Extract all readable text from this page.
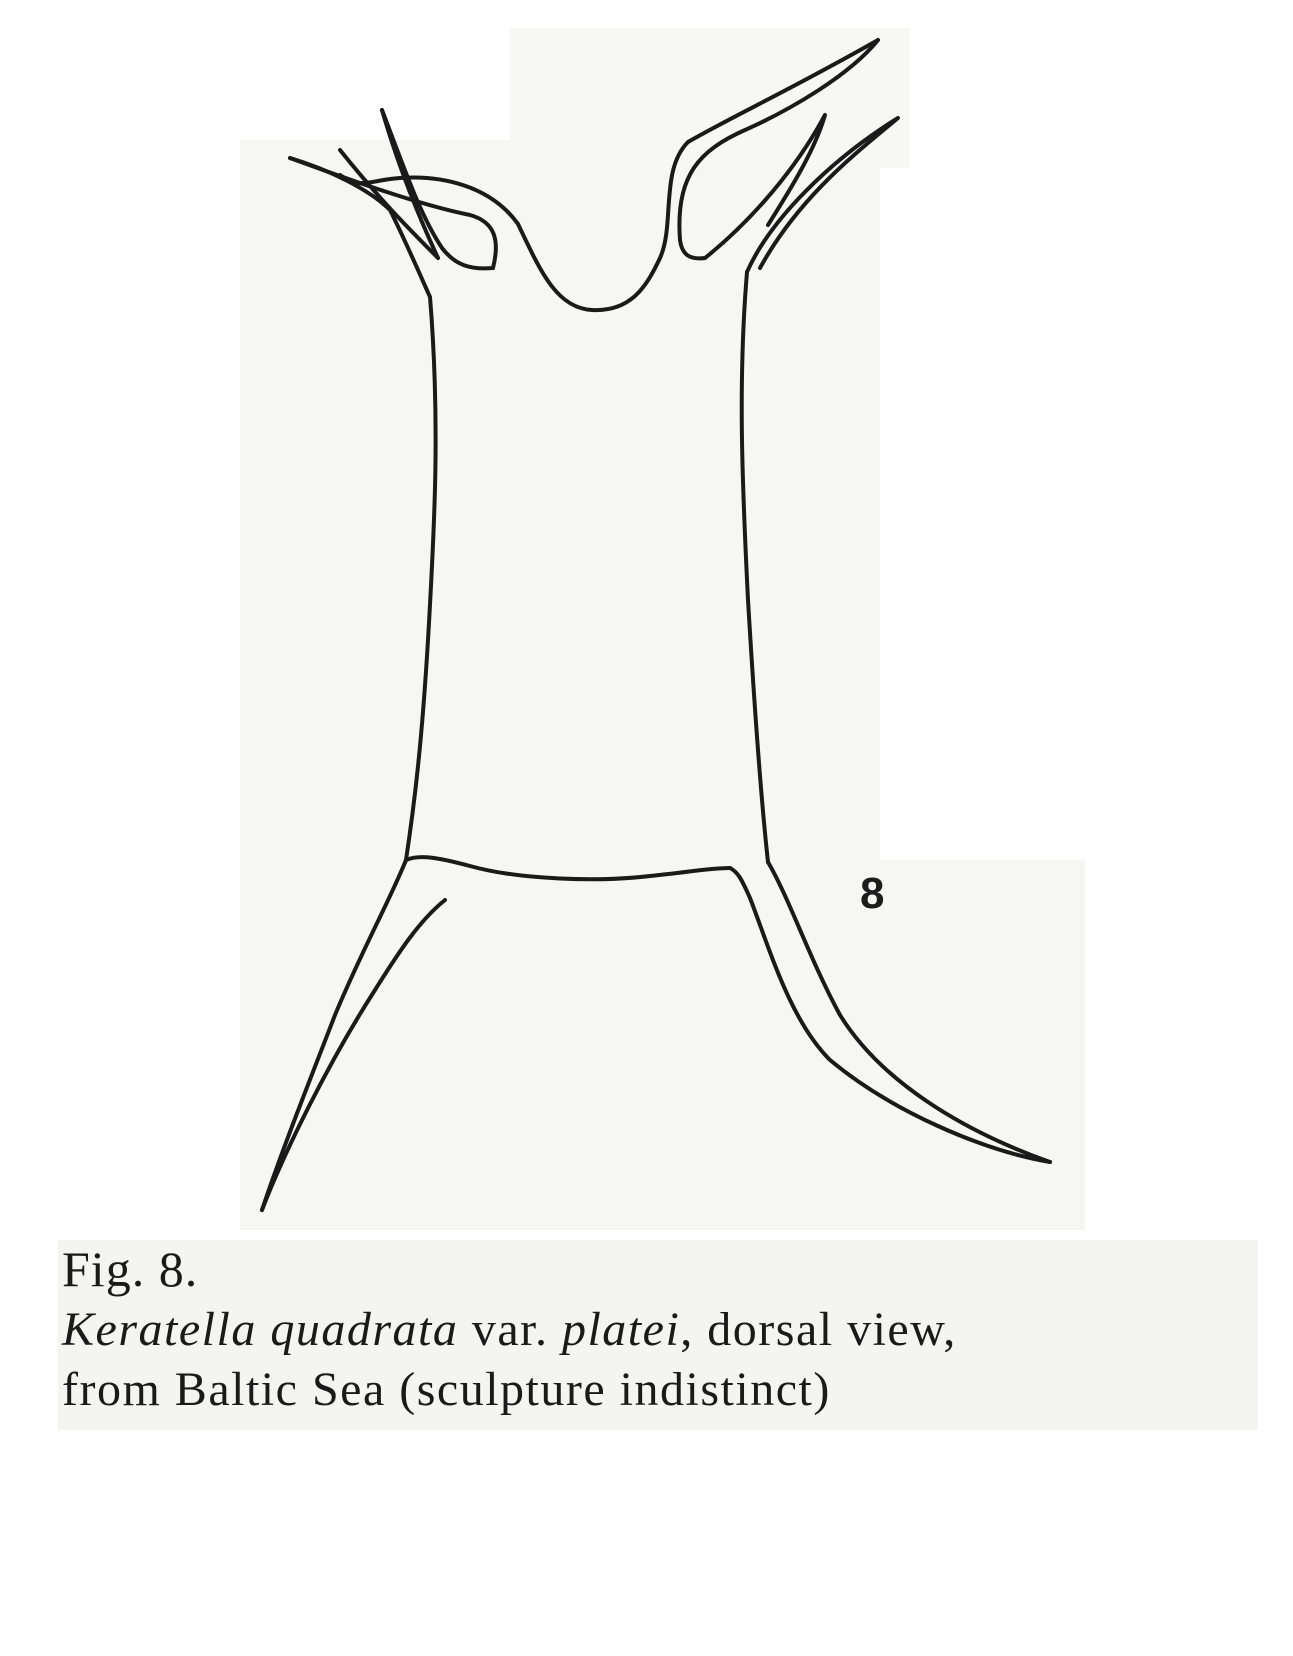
8
Fig. 8.
Keratella quadrata var. platei, dorsal view,
from Baltic Sea (sculpture indistinct)
